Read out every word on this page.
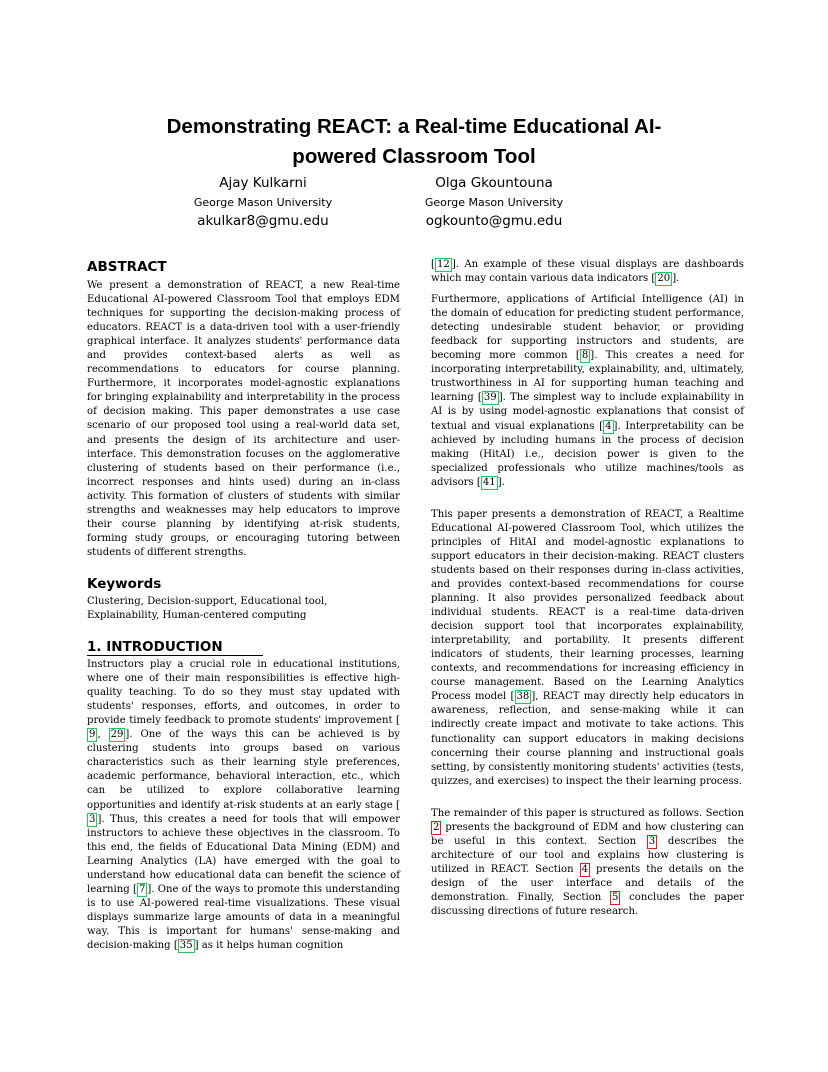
Demonstrating REACT: a Real-time Educational AI-
powered Classroom Tool
Ajay Kulkarni
George Mason University
akulkar8@gmu.edu
Olga Gkountouna
George Mason University
ogkounto@gmu.edu
ABSTRACT

We present a demonstration of REACT, a new Real-time Educational AI-powered Classroom Tool that employs EDM techniques for supporting the decision-making process of educators. REACT is a data-driven tool with a user-friendly graphical interface. It analyzes students' performance data and provides context-based alerts as well as recommendations to educators for course planning. Furthermore, it incorporates model-agnostic explanations for bringing explainability and interpretability in the process of decision making. This paper demonstrates a use case scenario of our proposed tool using a real-world data set, and presents the design of its architecture and user-interface. This demonstration focuses on the agglomerative clustering of students based on their performance (i.e., incorrect responses and hints used) during an in-class activity. This formation of clusters of students with similar strengths and weaknesses may help educators to improve their course planning by identifying at-risk students, forming study groups, or encouraging tutoring between students of different strengths.

Keywords

Clustering, Decision-support, Educational tool, Explainability, Human-centered computing

1. INTRODUCTION

Instructors play a crucial role in educational institutions, where one of their main responsibilities is effective high-quality teaching. To do so they must stay updated with students' responses, eﬀorts, and outcomes, in order to provide timely feedback to promote students' improvement [9 , 29 ]. One of the ways this can be achieved is by clustering students into groups based on various characteristics such as their learning style preferences, academic performance, behavioral interaction, etc., which can be utilized to explore collaborative learning opportunities and identify at-risk students at an early stage [3 ]. Thus, this creates a need for tools that will empower instructors to achieve these objectives in the classroom. To this end, the fields of Educational Data Mining (EDM) and Learning Analytics (LA) have emerged with the goal to understand how educational data can benefit the science of learning [ 7 ]. One of the ways to promote this understanding is to use AI-powered real-time visualizations. These visual displays summarize large amounts of data in a meaningful way. This is important for humans' sense-making and decision-making [ 35 ] as it helps human cognition

[ 12 ]. An example of these visual displays are dashboards which may contain various data indicators [ 20 ].

Furthermore, applications of Artificial Intelligence (AI) in the domain of education for predicting student performance, detecting undesirable student behavior, or providing feedback for supporting instructors and students, are becoming more common [ 8 ]. This creates a need for incorporating interpretability, explainability, and, ultimately, trustworthiness in AI for supporting human teaching and learning [ 39 ]. The simplest way to include explainability in AI is by using model-agnostic explanations that consist of textual and visual explanations [ 4 ]. Interpretability can be achieved by including humans in the process of decision making (HitAI) i.e., decision power is given to the specialized professionals who utilize machines/tools as advisors [ 41 ].

This paper presents a demonstration of REACT, a Realtime Educational AI-powered Classroom Tool, which utilizes the principles of HitAI and model-agnostic explanations to support educators in their decision-making. REACT clusters students based on their responses during in-class activities, and provides context-based recommendations for course planning. It also provides personalized feedback about individual students. REACT is a real-time data-driven decision support tool that incorporates explainability, interpretability, and portability. It presents different indicators of students, their learning processes, learning contexts, and recommendations for increasing efficiency in course management. Based on the Learning Analytics Process model [ 38 ], REACT may directly help educators in awareness, reflection, and sense-making while it can indirectly create impact and motivate to take actions. This functionality can support educators in making decisions concerning their course planning and instructional goals setting, by consistently monitoring students' activities (tests, quizzes, and exercises) to inspect the their learning process.

The remainder of this paper is structured as follows. Section 2 presents the background of EDM and how clustering can be useful in this context. Section 3 describes the architecture of our tool and explains how clustering is utilized in REACT. Section 4 presents the details on the design of the user interface and details of the demonstration. Finally, Section 5 concludes the paper discussing directions of future research.
